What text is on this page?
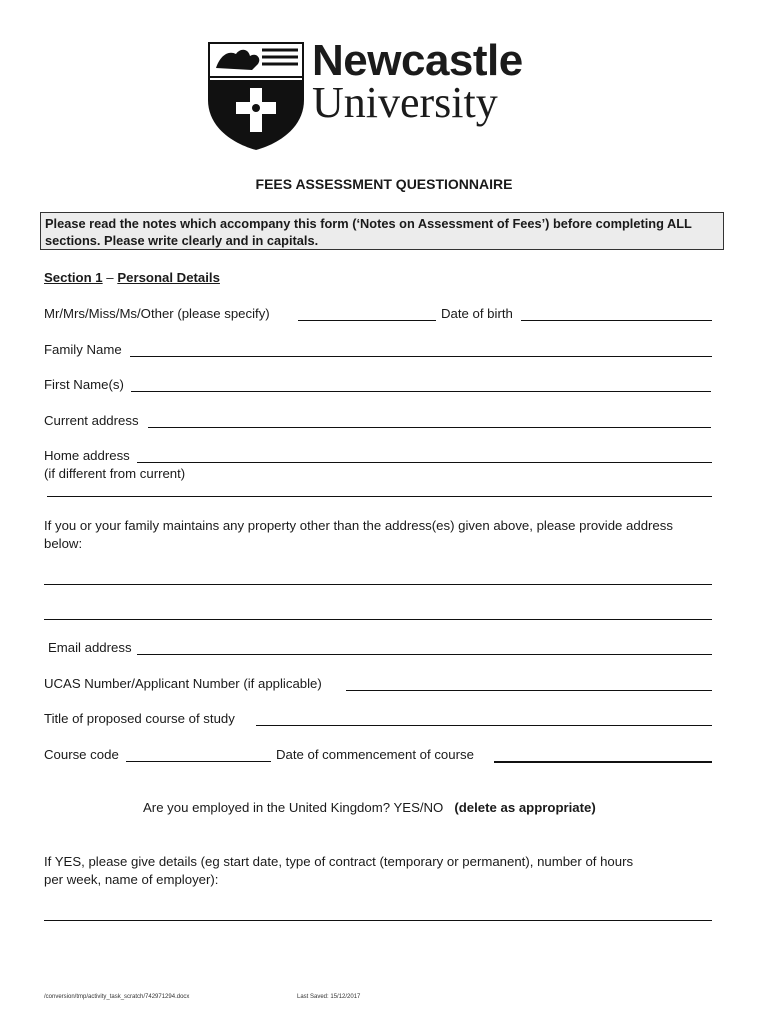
Newcastle
University
FEES ASSESSMENT QUESTIONNAIRE
Please read the notes which accompany this form (‘Notes on Assessment of Fees’) before completing ALL
sections. Please write clearly and in capitals.
Section 1 – Personal Details
Mr/Mrs/Miss/Ms/Other (please specify)	Date of birth
Family Name
First Name(s)
Current address
Home address
(if different from current)
If you or your family maintains any property other than the address(es) given above, please provide address
below:
Email address
UCAS Number/Applicant Number (if applicable)
Title of proposed course of study
Course code	Date of commencement of course
Are you employed in the United Kingdom? YES/NO (delete as appropriate)
If YES, please give details (eg start date, type of contract (temporary or permanent), number of hours
per week, name of employer):
/conversion/tmp/activity_task_scratch/742971294.docx	Last Saved: 15/12/2017
